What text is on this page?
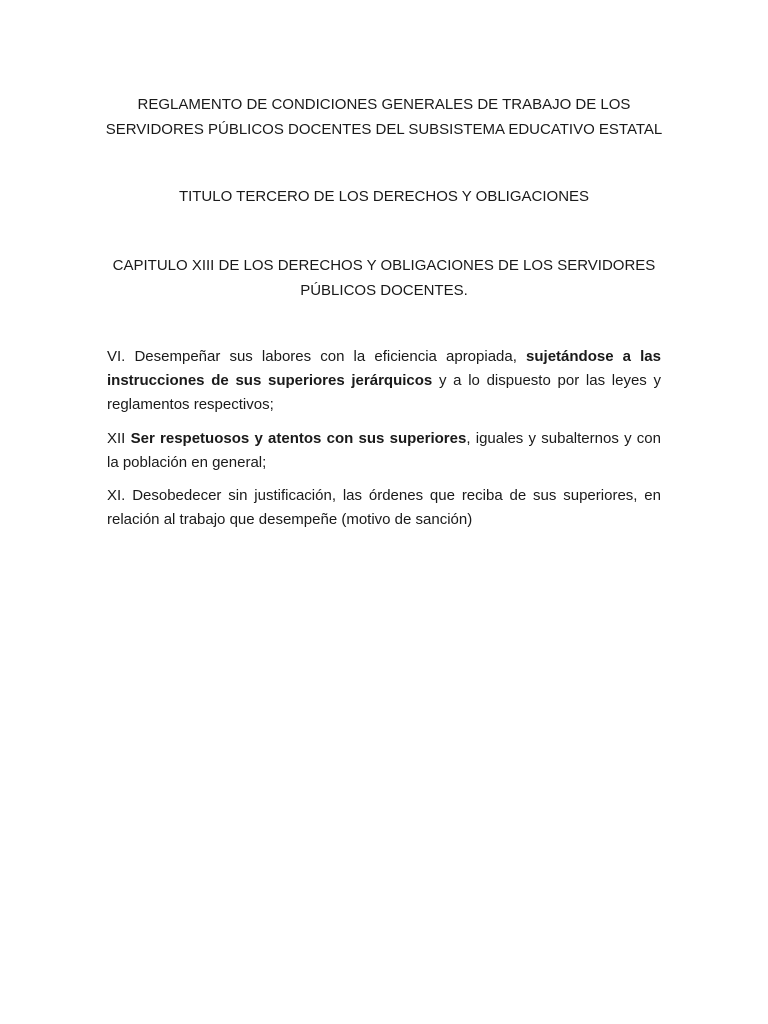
REGLAMENTO DE CONDICIONES GENERALES DE TRABAJO DE LOS
SERVIDORES PÚBLICOS DOCENTES DEL SUBSISTEMA EDUCATIVO ESTATAL
TITULO TERCERO DE LOS DERECHOS Y OBLIGACIONES
CAPITULO XIII DE LOS DERECHOS Y OBLIGACIONES DE LOS SERVIDORES
PÚBLICOS DOCENTES.

VI. Desempeñar sus labores con la eficiencia apropiada, sujetándose a las instrucciones de sus superiores jerárquicos y a lo dispuesto por las leyes y reglamentos respectivos;

XII Ser respetuosos y atentos con sus superiores, iguales y subalternos y con la población en general;

XI. Desobedecer sin justificación, las órdenes que reciba de sus superiores, en relación al trabajo que desempeñe (motivo de sanción)
